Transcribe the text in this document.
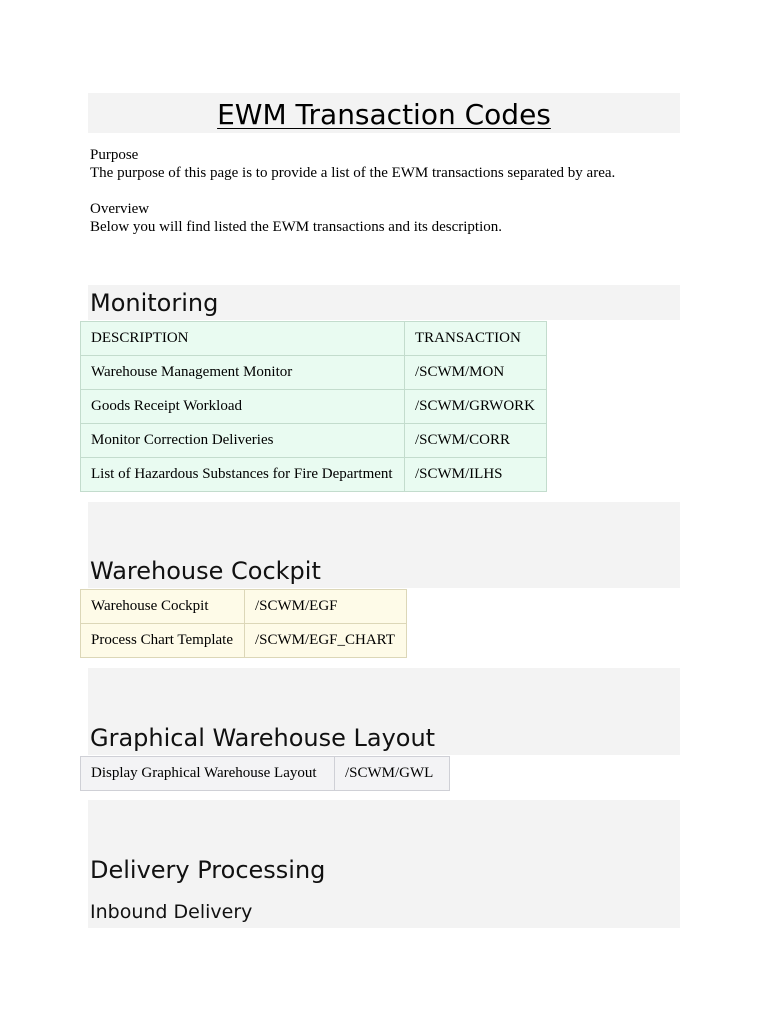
EWM Transaction Codes
Purpose
The purpose of this page is to provide a list of the EWM transactions separated by area.
Overview
Below you will find listed the EWM transactions and its description.
Monitoring
DESCRIPTION	TRANSACTION
Warehouse Management Monitor	/SCWM/MON
Goods Receipt Workload	/SCWM/GRWORK
Monitor Correction Deliveries	/SCWM/CORR
List of Hazardous Substances for Fire Department	/SCWM/ILHS
Warehouse Cockpit
Warehouse Cockpit	/SCWM/EGF
Process Chart Template	/SCWM/EGF_CHART
Graphical Warehouse Layout
Display Graphical Warehouse Layout	/SCWM/GWL
Delivery Processing
Inbound Delivery
